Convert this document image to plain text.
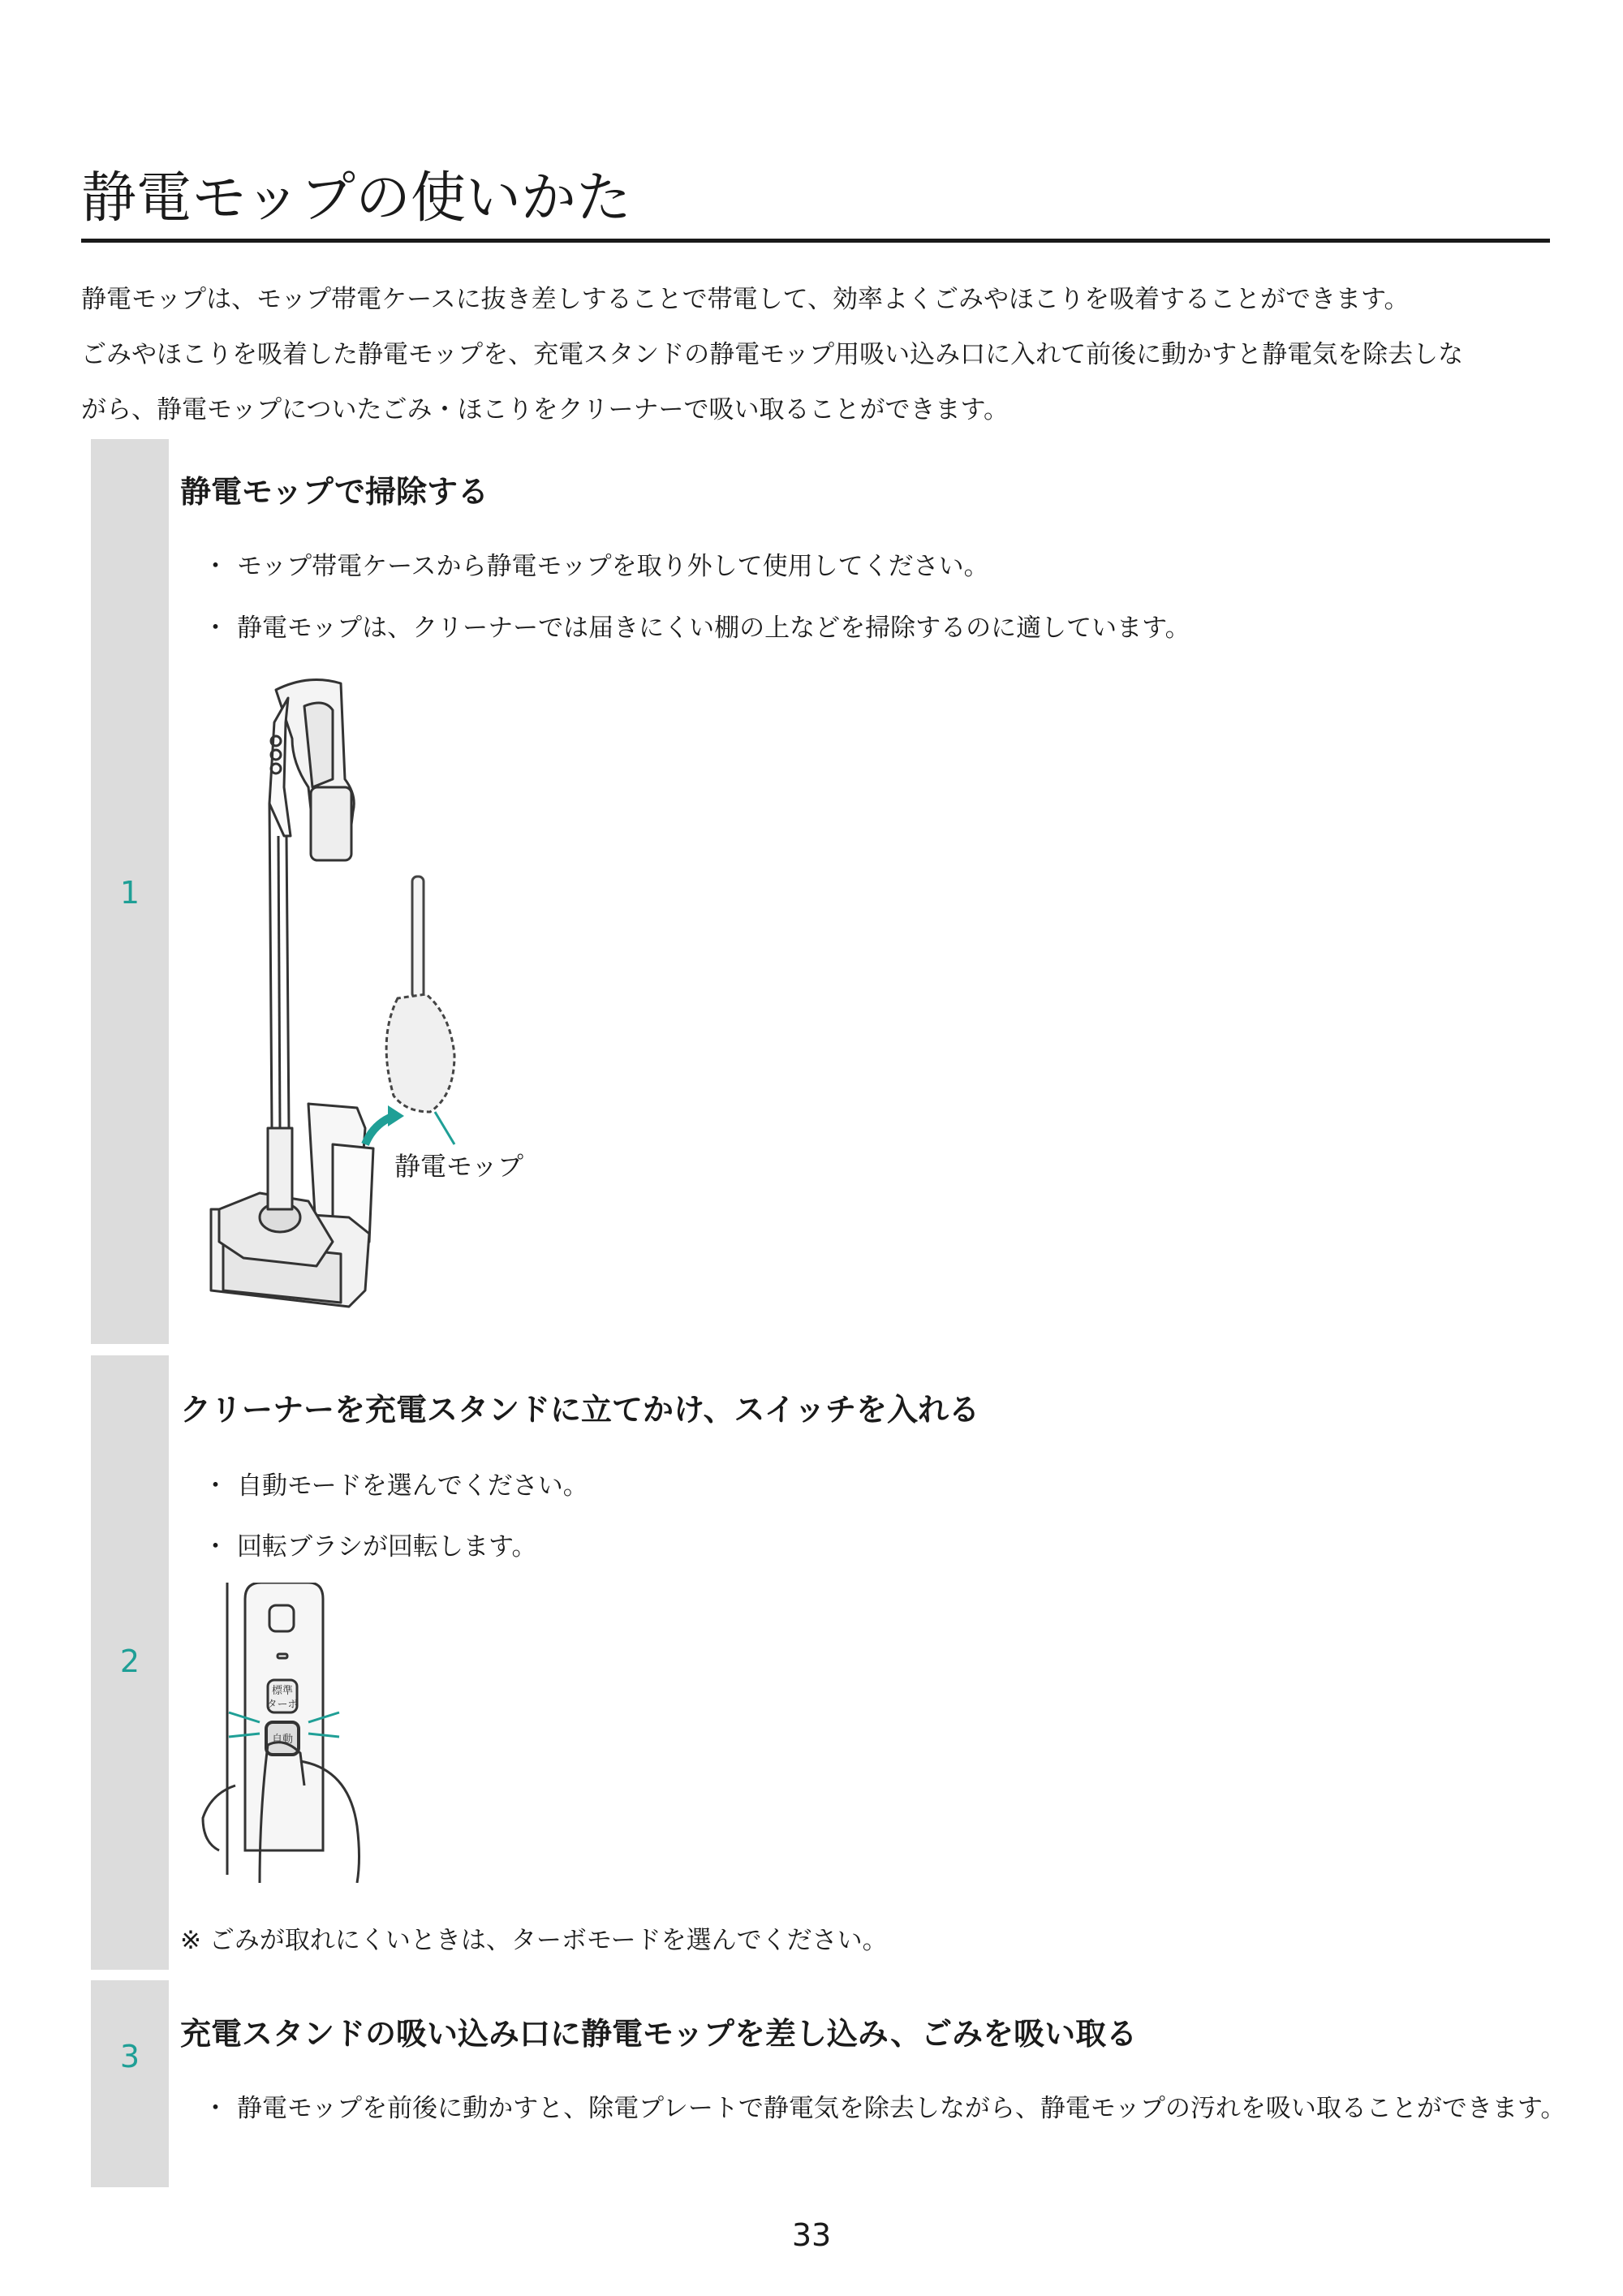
静電モップの使いかた

静電モップは、モップ帯電ケースに抜き差しすることで帯電して、効率よくごみやほこりを吸着することができます。

ごみやほこりを吸着した静電モップを、充電スタンドの静電モップ用吸い込み口に入れて前後に動かすと静電気を除去しな

がら、静電モップについたごみ・ほこりをクリーナーで吸い取ることができます。

1
静電モップで掃除する
・ モップ帯電ケースから静電モップを取り外して使用してください。
・ 静電モップは、クリーナーでは届きにくい棚の上などを掃除するのに適しています。
静電モップ
2
クリーナーを充電スタンドに立てかけ、スイッチを入れる
・ 自動モードを選んでください。
・ 回転ブラシが回転します。
標準
ターボ
自動
※ ごみが取れにくいときは、ターボモードを選んでください。
3
充電スタンドの吸い込み口に静電モップを差し込み、ごみを吸い取る
・ 静電モップを前後に動かすと、除電プレートで静電気を除去しながら、静電モップの汚れを吸い取ることができます。
33
